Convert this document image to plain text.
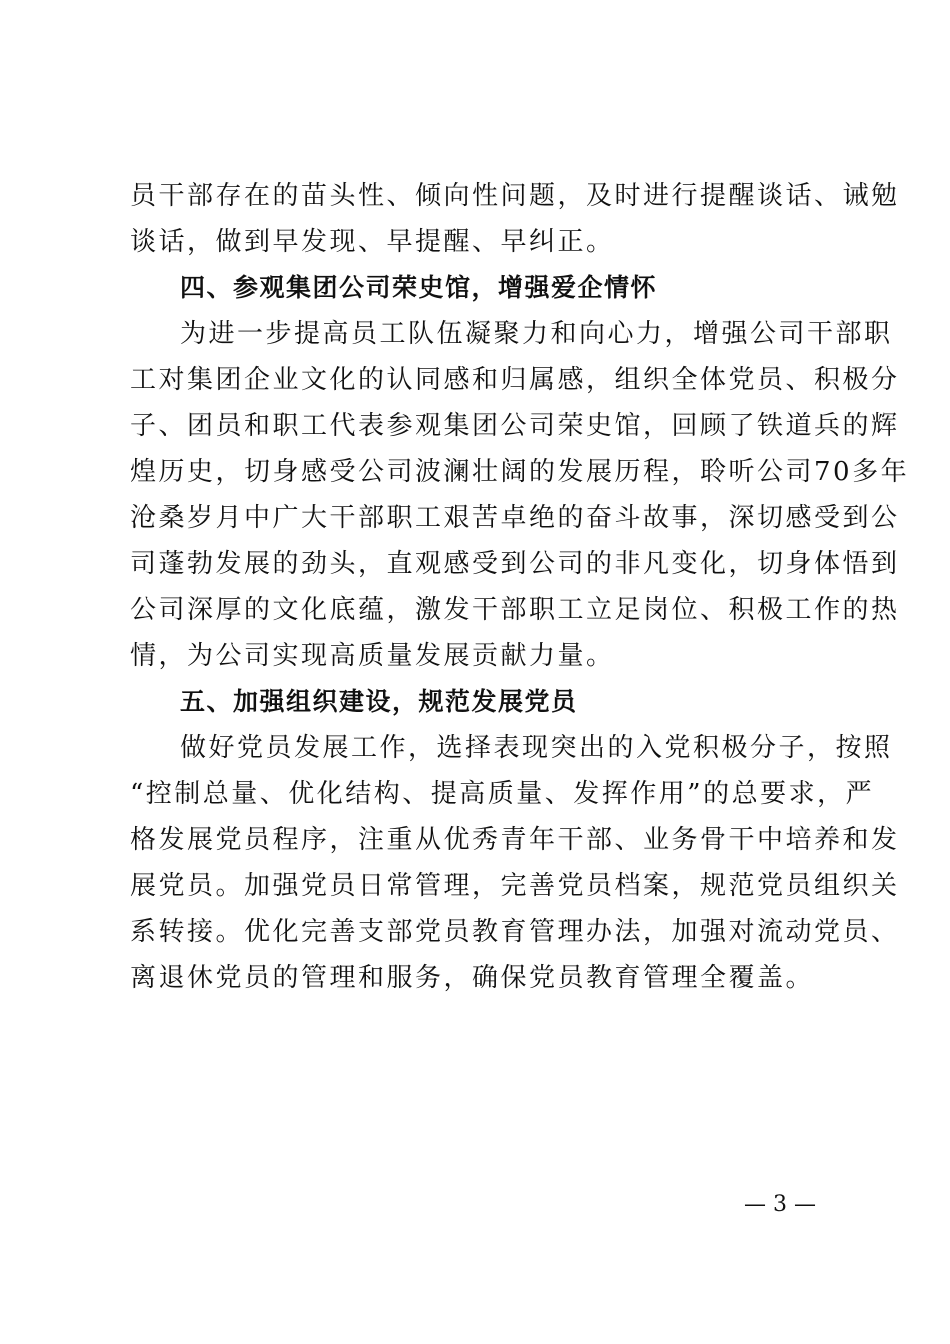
员干部存在的苗头性、倾向性问题，及时进行提醒谈话、诫勉
谈话，做到早发现、早提醒、早纠正。
四、参观集团公司荣史馆，增强爱企情怀
为进一步提高员工队伍凝聚力和向心力，增强公司干部职
工对集团企业文化的认同感和归属感，组织全体党员、积极分
子、团员和职工代表参观集团公司荣史馆，回顾了铁道兵的辉
煌历史，切身感受公司波澜壮阔的发展历程，聆听公司70多年
沧桑岁月中广大干部职工艰苦卓绝的奋斗故事，深切感受到公
司蓬勃发展的劲头，直观感受到公司的非凡变化，切身体悟到
公司深厚的文化底蕴，激发干部职工立足岗位、积极工作的热
情，为公司实现高质量发展贡献力量。
五、加强组织建设，规范发展党员
做好党员发展工作，选择表现突出的入党积极分子，按照
“控制总量、优化结构、提高质量、发挥作用”的总要求，严
格发展党员程序，注重从优秀青年干部、业务骨干中培养和发
展党员。加强党员日常管理，完善党员档案，规范党员组织关
系转接。优化完善支部党员教育管理办法，加强对流动党员、
离退休党员的管理和服务，确保党员教育管理全覆盖。
— 3 —
